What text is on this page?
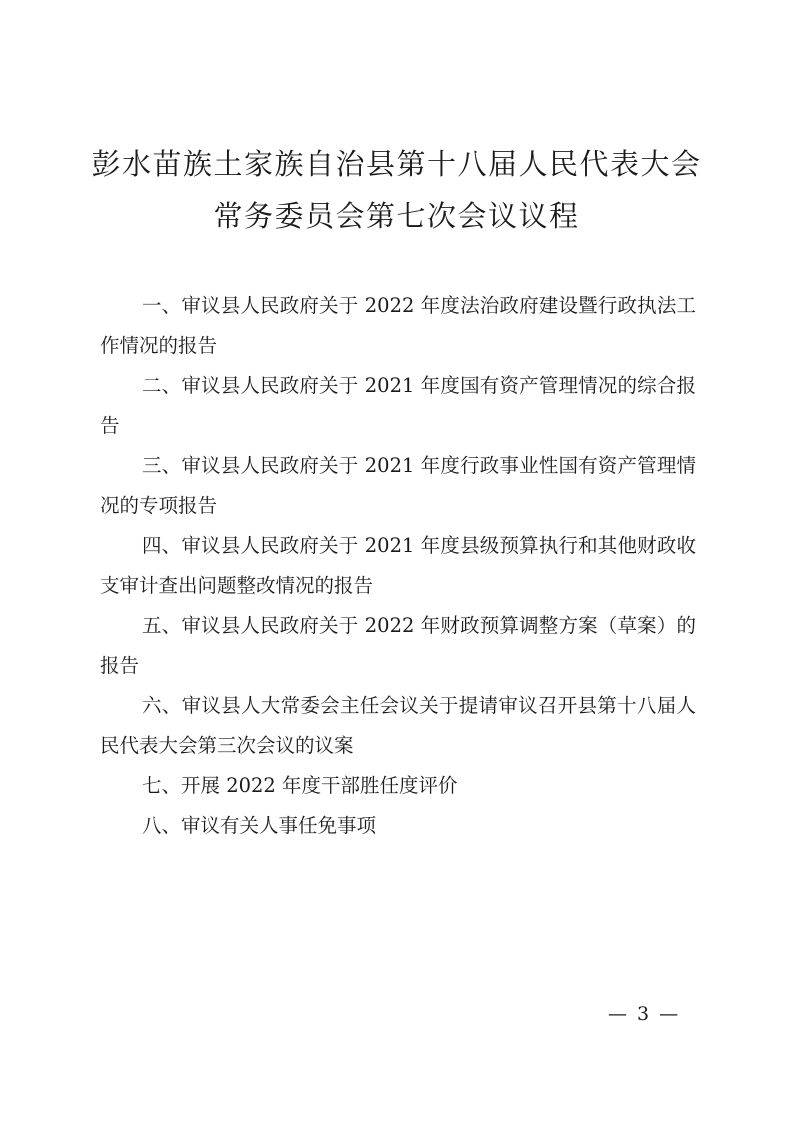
彭水苗族土家族自治县第十八届人民代表大会
常务委员会第七次会议议程

一、审议县人民政府关于 2022 年度法治政府建设暨行政执法工作情况的报告

二、审议县人民政府关于 2021 年度国有资产管理情况的综合报告

三、审议县人民政府关于 2021 年度行政事业性国有资产管理情况的专项报告

四、审议县人民政府关于 2021 年度县级预算执行和其他财政收支审计查出问题整改情况的报告

五、审议县人民政府关于 2022 年财政预算调整方案（草案）的报告

六、审议县人大常委会主任会议关于提请审议召开县第十八届人民代表大会第三次会议的议案

七、开展 2022 年度干部胜任度评价

八、审议有关人事任免事项

— 3 —
